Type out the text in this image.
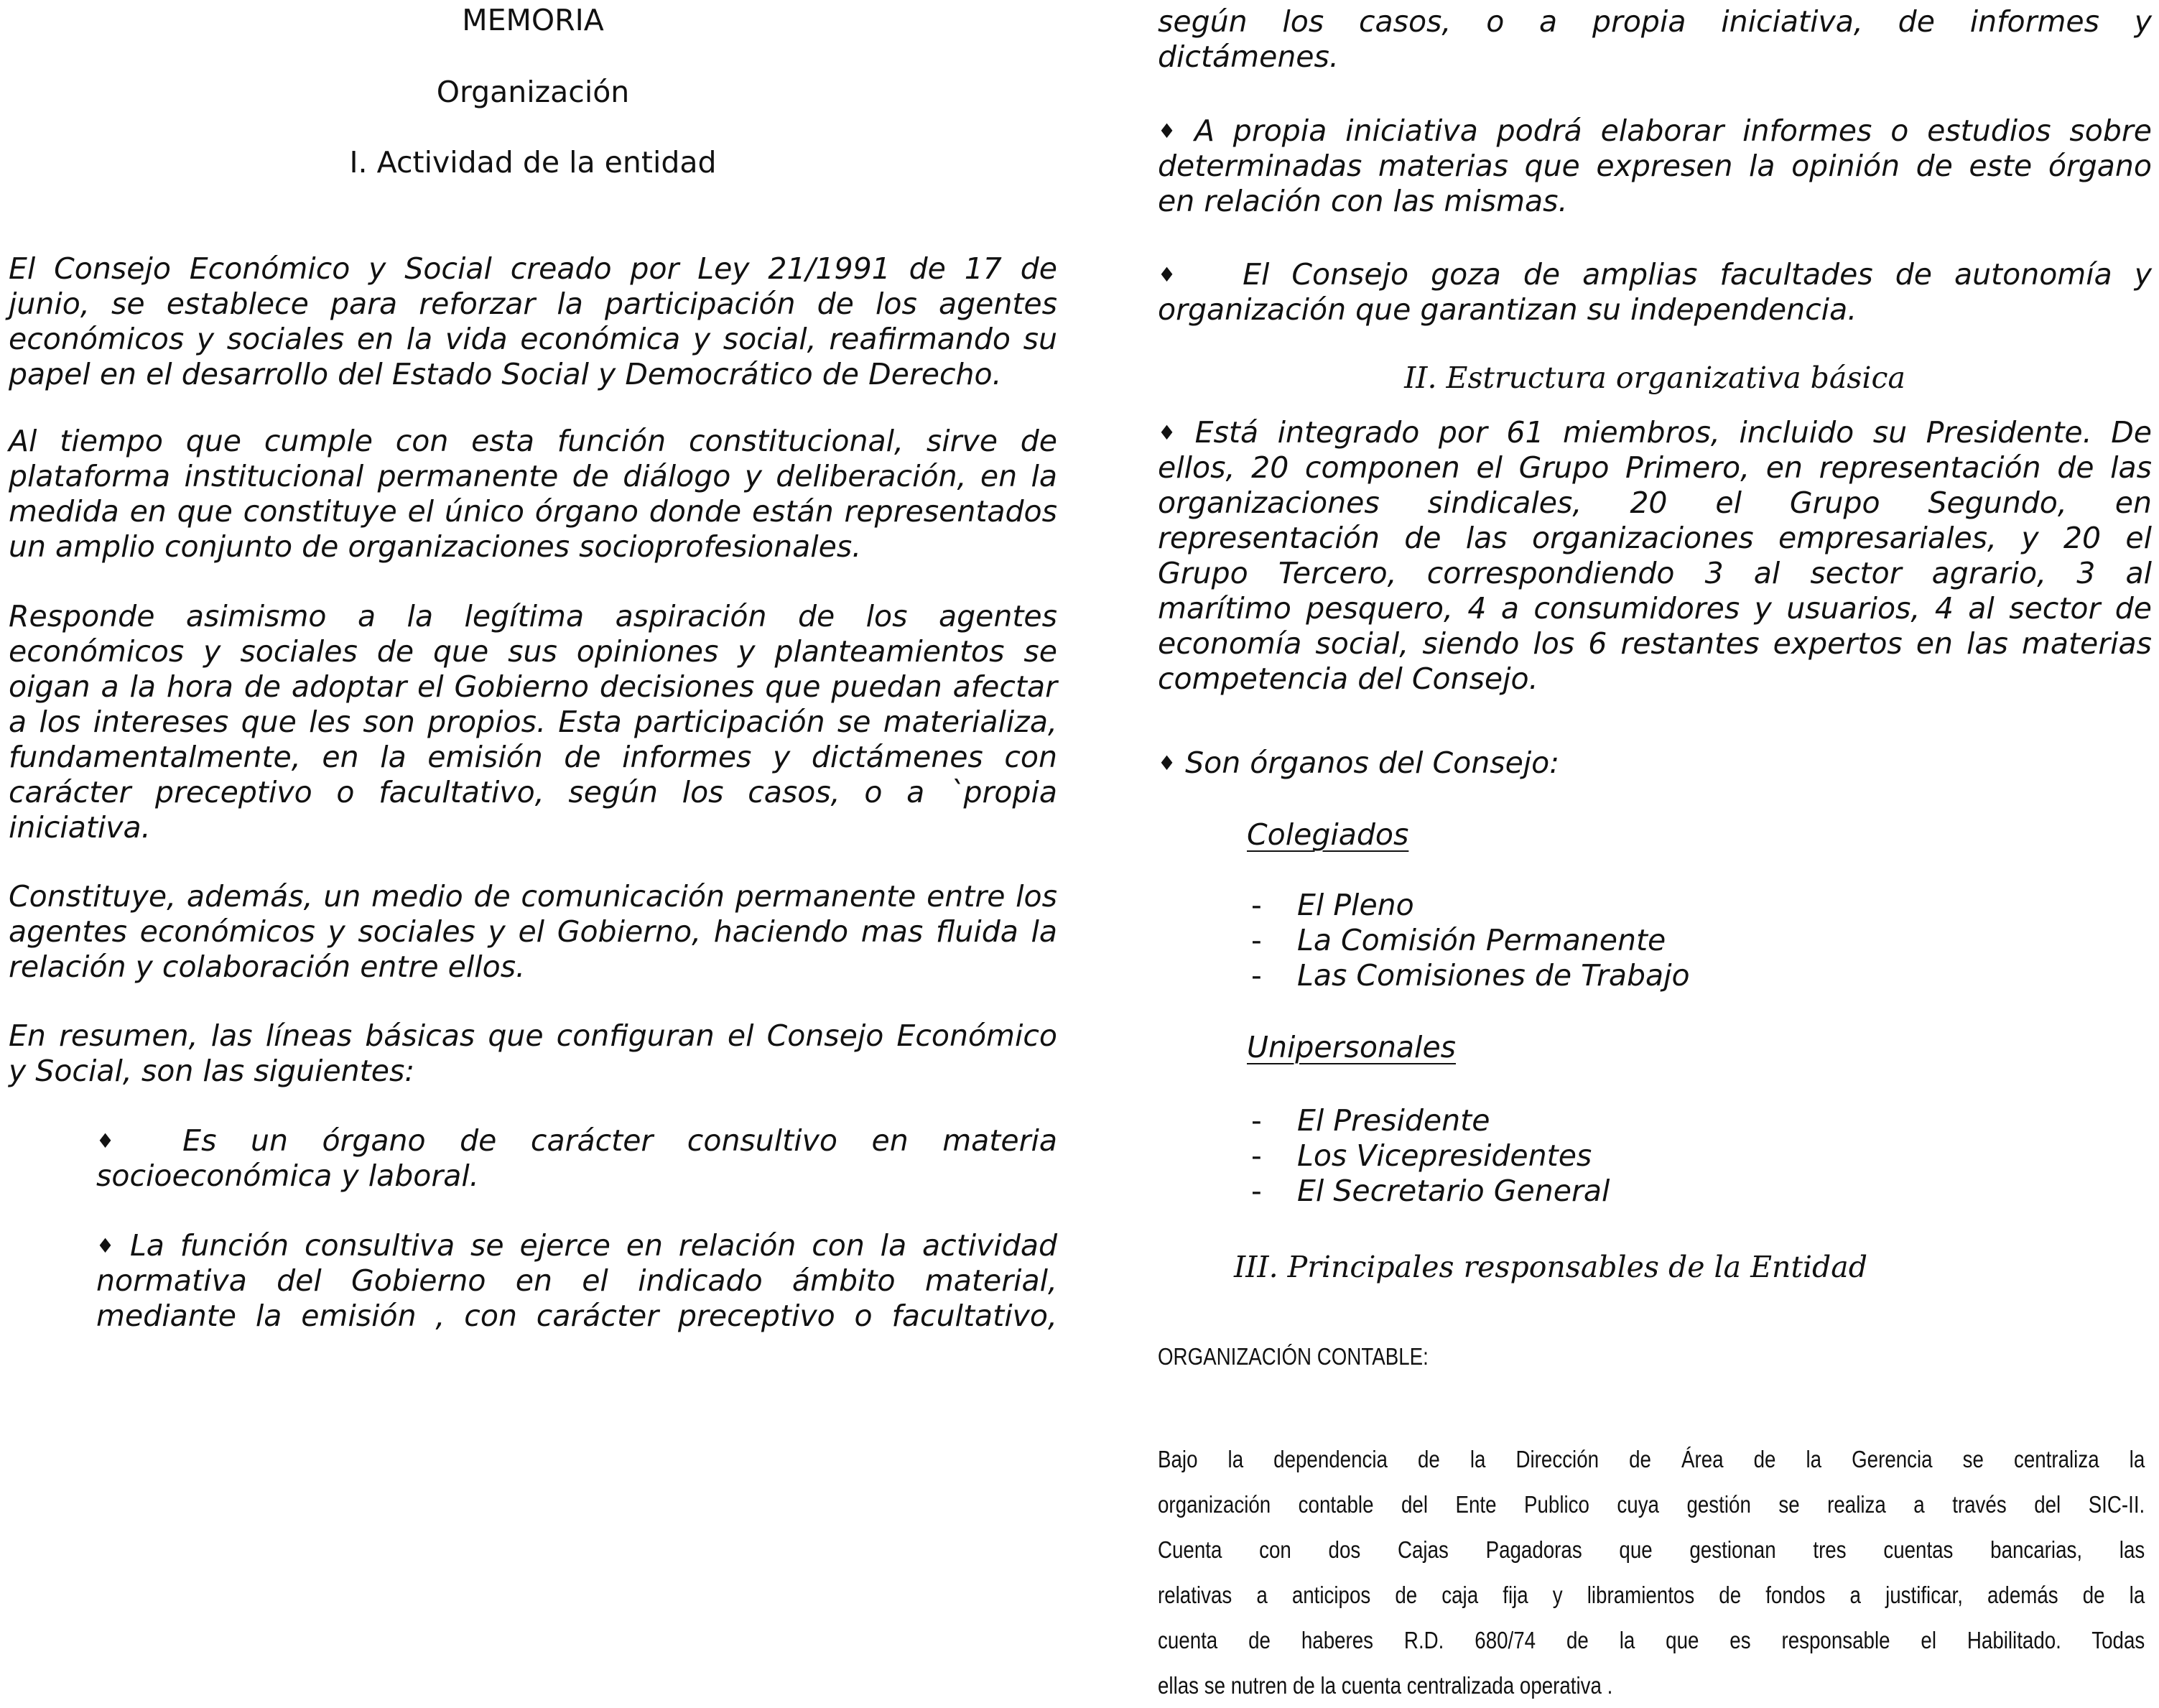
MEMORIA
Organización
I. Actividad de la entidad

El Consejo Económico y Social creado por Ley 21/1991 de 17 de

junio, se establece para reforzar la participación de los agentes

económicos y sociales en la vida económica y social, reafirmando su

papel en el desarrollo del Estado Social y Democrático de Derecho.

Al tiempo que cumple con esta función constitucional, sirve de

plataforma institucional permanente de diálogo y deliberación, en la

medida en que constituye el único órgano donde están representados

un amplio conjunto de organizaciones socioprofesionales.

Responde asimismo a la legítima aspiración de los agentes

económicos y sociales de que sus opiniones y planteamientos se

oigan a la hora de adoptar el Gobierno decisiones que puedan afectar

a los intereses que les son propios. Esta participación se materializa,

fundamentalmente, en la emisión de informes y dictámenes con

carácter preceptivo o facultativo, según los casos, o a `propia

iniciativa.

Constituye, además, un medio de comunicación permanente entre los

agentes económicos y sociales y el Gobierno, haciendo mas fluida la

relación y colaboración entre ellos.

En resumen, las líneas básicas que configuran el Consejo Económico

y Social, son las siguientes:

♦ Es un órgano de carácter consultivo en materia

socioeconómica y laboral.

♦ La función consultiva se ejerce en relación con la actividad

normativa del Gobierno en el indicado ámbito material,

mediante la emisión , con carácter preceptivo o facultativo,

según los casos, o a propia iniciativa, de informes y

dictámenes.

♦ A propia iniciativa podrá elaborar informes o estudios sobre

determinadas materias que expresen la opinión de este órgano

en relación con las mismas.

♦ El Consejo goza de amplias facultades de autonomía y

organización que garantizan su independencia.

II. Estructura organizativa básica

♦ Está integrado por 61 miembros, incluido su Presidente. De

ellos, 20 componen el Grupo Primero, en representación de las

organizaciones sindicales, 20 el Grupo Segundo, en

representación de las organizaciones empresariales, y 20 el

Grupo Tercero, correspondiendo 3 al sector agrario, 3 al

marítimo pesquero, 4 a consumidores y usuarios, 4 al sector de

economía social, siendo los 6 restantes expertos en las materias

competencia del Consejo.

♦ Son órganos del Consejo:
Colegiados
- El Pleno
- La Comisión Permanente
- Las Comisiones de Trabajo
Unipersonales
- El Presidente
- Los Vicepresidentes
- El Secretario General
III. Principales responsables de la Entidad
ORGANIZACIÓN CONTABLE:
Bajo la dependencia de la Dirección de Área de la Gerencia se centraliza la
organización contable del Ente Publico cuya gestión se realiza a través del SIC-II.
Cuenta con dos Cajas Pagadoras que gestionan tres cuentas bancarias, las
relativas a anticipos de caja fija y libramientos de fondos a justificar, además de la
cuenta de haberes R.D. 680/74 de la que es responsable el Habilitado. Todas
ellas se nutren de la cuenta centralizada operativa .
